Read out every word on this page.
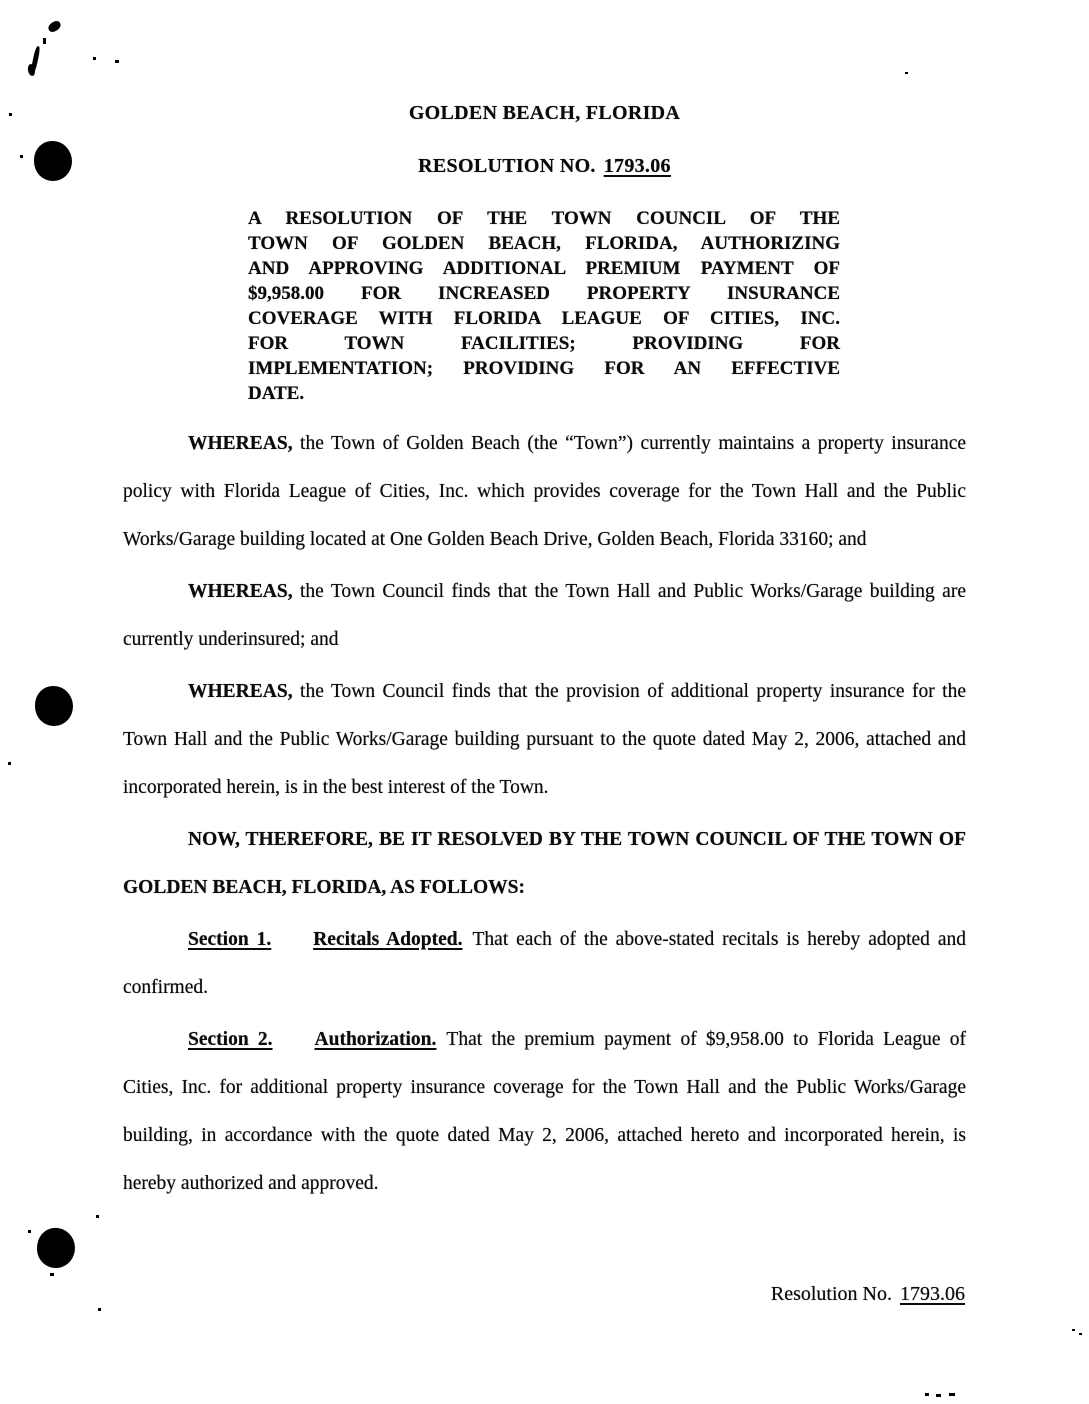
GOLDEN BEACH, FLORIDA
RESOLUTION NO. 1793.06
A RESOLUTION OF THE TOWN COUNCIL OF THE
TOWN OF GOLDEN BEACH, FLORIDA, AUTHORIZING
AND APPROVING ADDITIONAL PREMIUM PAYMENT OF
$9,958.00 FOR INCREASED PROPERTY INSURANCE
COVERAGE WITH FLORIDA LEAGUE OF CITIES, INC.
FOR TOWN FACILITIES; PROVIDING FOR
IMPLEMENTATION; PROVIDING FOR AN EFFECTIVE
DATE.

WHEREAS, the Town of Golden Beach (the “Town”) currently maintains a property insurance policy with Florida League of Cities, Inc. which provides coverage for the Town Hall and the Public Works/Garage building located at One Golden Beach Drive, Golden Beach, Florida 33160; and

WHEREAS, the Town Council finds that the Town Hall and Public Works/Garage building are currently underinsured; and

WHEREAS, the Town Council finds that the provision of additional property insurance for the Town Hall and the Public Works/Garage building pursuant to the quote dated May 2, 2006, attached and incorporated herein, is in the best interest of the Town.

NOW, THEREFORE, BE IT RESOLVED BY THE TOWN COUNCIL OF THE TOWN OF GOLDEN BEACH, FLORIDA, AS FOLLOWS:

Section 1. Recitals Adopted. That each of the above-stated recitals is hereby adopted and confirmed.

Section 2. Authorization. That the premium payment of $9,958.00 to Florida League of Cities, Inc. for additional property insurance coverage for the Town Hall and the Public Works/Garage building, in accordance with the quote dated May 2, 2006, attached hereto and incorporated herein, is hereby authorized and approved.

Resolution No. 1793.06
